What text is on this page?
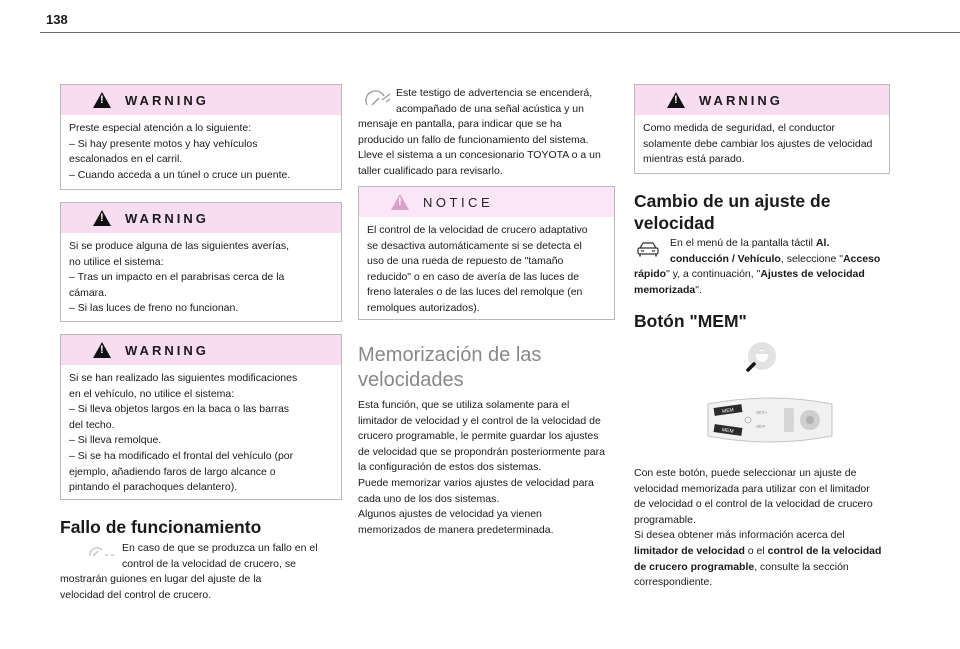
138
!
WARNING
Preste especial atención a lo siguiente:
– Si hay presente motos y hay vehículos
escalonados en el carril.
– Cuando acceda a un túnel o cruce un puente.
!
WARNING
Si se produce alguna de las siguientes averías,
no utilice el sistema:
– Tras un impacto en el parabrisas cerca de la
cámara.
– Si las luces de freno no funcionan.
!
WARNING
Si se han realizado las siguientes modificaciones
en el vehículo, no utilice el sistema:
– Si lleva objetos largos en la baca o las barras
del techo.
– Si lleva remolque.
– Si se ha modificado el frontal del vehículo (por
ejemplo, añadiendo faros de largo alcance o
pintando el parachoques delantero).
Fallo de funcionamiento
En caso de que se produzca un fallo en el
control de la velocidad de crucero, se
mostrarán guiones en lugar del ajuste de la
velocidad del control de crucero.
Este testigo de advertencia se encenderá,
acompañado de una señal acústica y un
mensaje en pantalla, para indicar que se ha
producido un fallo de funcionamiento del sistema.
Lleve el sistema a un concesionario TOYOTA o a un
taller cualificado para revisarlo.
!
NOTICE
El control de la velocidad de crucero adaptativo
se desactiva automáticamente si se detecta el
uso de una rueda de repuesto de "tamaño
reducido" o en caso de avería de las luces de
freno laterales o de las luces del remolque (en
remolques autorizados).
Memorización de las
velocidades
Esta función, que se utiliza solamente para el
limitador de velocidad y el control de la velocidad de
crucero programable, le permite guardar los ajustes
de velocidad que se propondrán posteriormente para
la configuración de estos dos sistemas.
Puede memorizar varios ajustes de velocidad para
cada uno de los dos sistemas.
Algunos ajustes de velocidad ya vienen
memorizados de manera predeterminada.
!
WARNING
Como medida de seguridad, el conductor
solamente debe cambiar los ajustes de velocidad
mientras está parado.
Cambio de un ajuste de
velocidad
En el menú de la pantalla táctil Al.
conducción / Vehículo, seleccione "Acceso
rápido" y, a continuación, "Ajustes de velocidad
memorizada".
Botón "MEM"
MEM
MEM
SET+
SET-
Con este botón, puede seleccionar un ajuste de
velocidad memorizada para utilizar con el limitador
de velocidad o el control de la velocidad de crucero
programable.
Si desea obtener más información acerca del
limitador de velocidad o el control de la velocidad
de crucero programable, consulte la sección
correspondiente.
